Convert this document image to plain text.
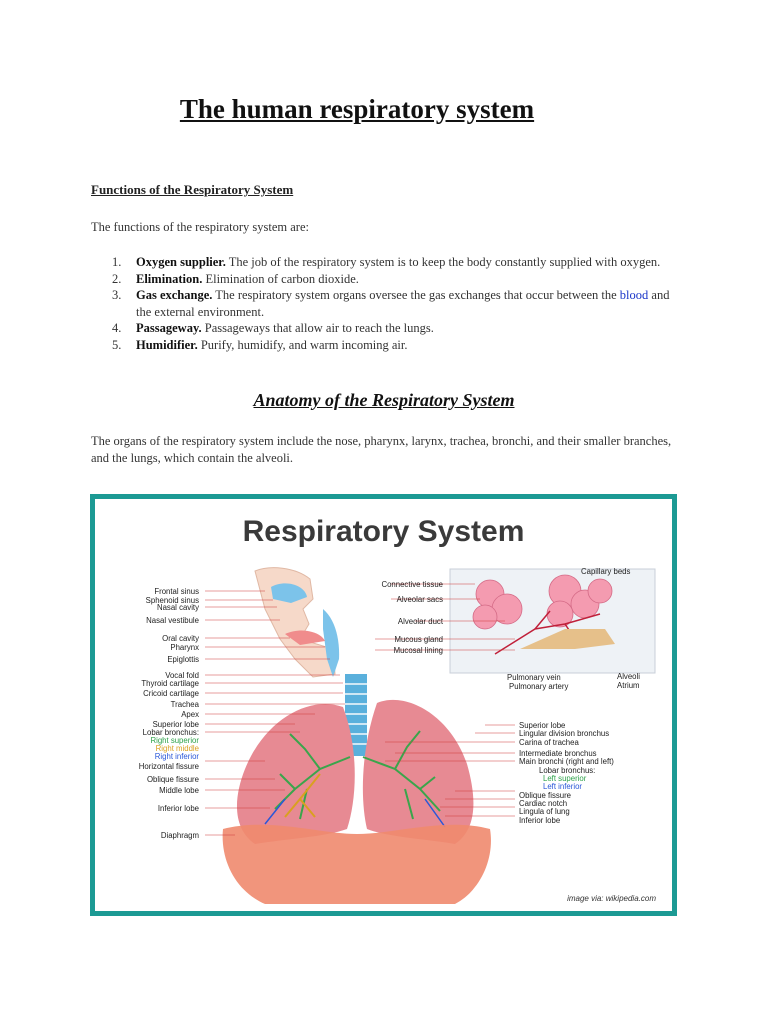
The human respiratory system
Functions of the Respiratory System
The functions of the respiratory system are:
1. Oxygen supplier. The job of the respiratory system is to keep the body constantly supplied with oxygen.
2. Elimination. Elimination of carbon dioxide.
3. Gas exchange. The respiratory system organs oversee the gas exchanges that occur between the blood and the external environment.
4. Passageway. Passageways that allow air to reach the lungs.
5. Humidifier. Purify, humidify, and warm incoming air.
Anatomy of the Respiratory System
The organs of the respiratory system include the nose, pharynx, larynx, trachea, bronchi, and their smaller branches, and the lungs, which contain the alveoli.
Respiratory System
Frontal sinus
Sphenoid sinus
Nasal cavity
Nasal vestibule
Oral cavity
Pharynx
Epiglottis
Vocal fold
Thyroid cartilage
Cricoid cartilage
Trachea
Apex
Superior lobe
Lobar bronchus:
Right superior
Right middle
Right inferior
Horizontal fissure
Oblique fissure
Middle lobe
Inferior lobe
Diaphragm
Connective tissue
Alveolar sacs
Alveolar duct
Mucous gland
Mucosal lining
Capillary beds
Pulmonary vein
Pulmonary artery
Alveoli
Atrium
Superior lobe
Lingular division bronchus
Carina of trachea
Intermediate bronchus
Main bronchi (right and left)
Lobar bronchus:
Left superior
Left inferior
Oblique fissure
Cardiac notch
Lingula of lung
Inferior lobe
image via: wikipedia.com
